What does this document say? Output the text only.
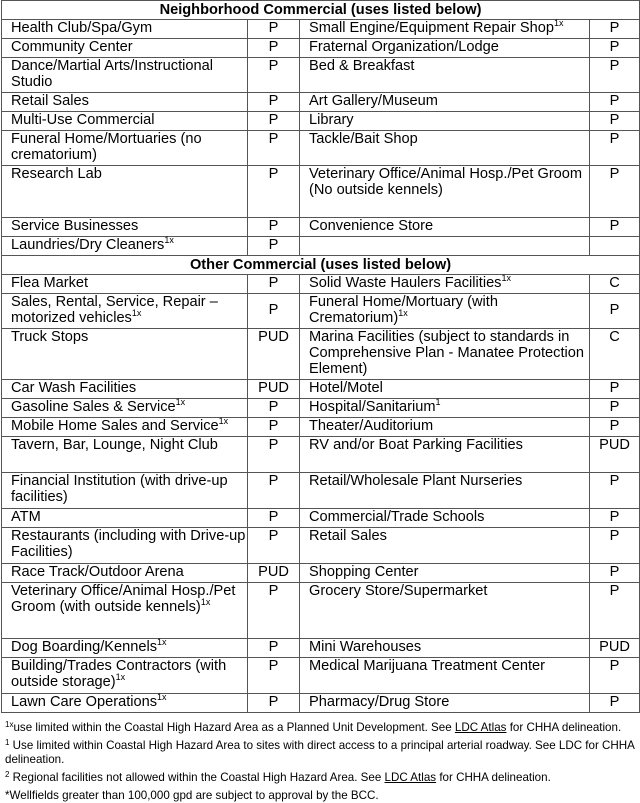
Neighborhood Commercial (uses listed below)			
Health Club/Spa/Gym	P	Small Engine/Equipment Repair Shop$^{1x}$	P
Community Center	P	Fraternal Organization/Lodge	P
Dance/Martial Arts/Instructional Studio	P	Bed & Breakfast	P
Retail Sales	P	Art Gallery/Museum	P
Multi-Use Commercial	P	Library	P
Funeral Home/Mortuaries (no crematorium)	P	Tackle/Bait Shop	P
Research Lab	P	Veterinary Office/Animal Hosp./Pet Groom (No outside kennels)	P
Service Businesses	P	Convenience Store	P
Laundries/Dry Cleaners$^{1x}$	P		
Other Commercial (uses listed below)			
Flea Market	P	Solid Waste Haulers Facilities$^{1x}$	C
Sales, Rental, Service, Repair – motorized vehicles$^{1x}$	P	Funeral Home/Mortuary (with Crematorium)$^{1x}$	P
Truck Stops	PUD	Marina Facilities (subject to standards in Comprehensive Plan - Manatee Protection Element)	C
Car Wash Facilities	PUD	Hotel/Motel	P
Gasoline Sales & Service$^{1x}$	P	Hospital/Sanitarium$^1$	P
Mobile Home Sales and Service$^{1x}$	P	Theater/Auditorium	P
Tavern, Bar, Lounge, Night Club	P	RV and/or Boat Parking Facilities	PUD
Financial Institution (with drive-up facilities)	P	Retail/Wholesale Plant Nurseries	P
ATM	P	Commercial/Trade Schools	P
Restaurants (including with Drive-up Facilities)	P	Retail Sales	P
Race Track/Outdoor Arena	PUD	Shopping Center	P
Veterinary Office/Animal Hosp./Pet Groom (with outside kennels)$^{1x}$	P	Grocery Store/Supermarket	P
Dog Boarding/Kennels$^{1x}$	P	Mini Warehouses	PUD
Building/Trades Contractors (with outside storage)$^{1x}$	P	Medical Marijuana Treatment Center	P
Lawn Care Operations$^{1x}$	P	Pharmacy/Drug Store	P

$^{1x}$use limited within the Coastal High Hazard Area as a Planned Unit Development. See LDC Atlas for CHHA delineation.

$^1$ Use limited within Coastal High Hazard Area to sites with direct access to a principal arterial roadway. See LDC for CHHA delineation.

$^2$ Regional facilities not allowed within the Coastal High Hazard Area. See LDC Atlas for CHHA delineation.

*Wellfields greater than 100,000 gpd are subject to approval by the BCC.
